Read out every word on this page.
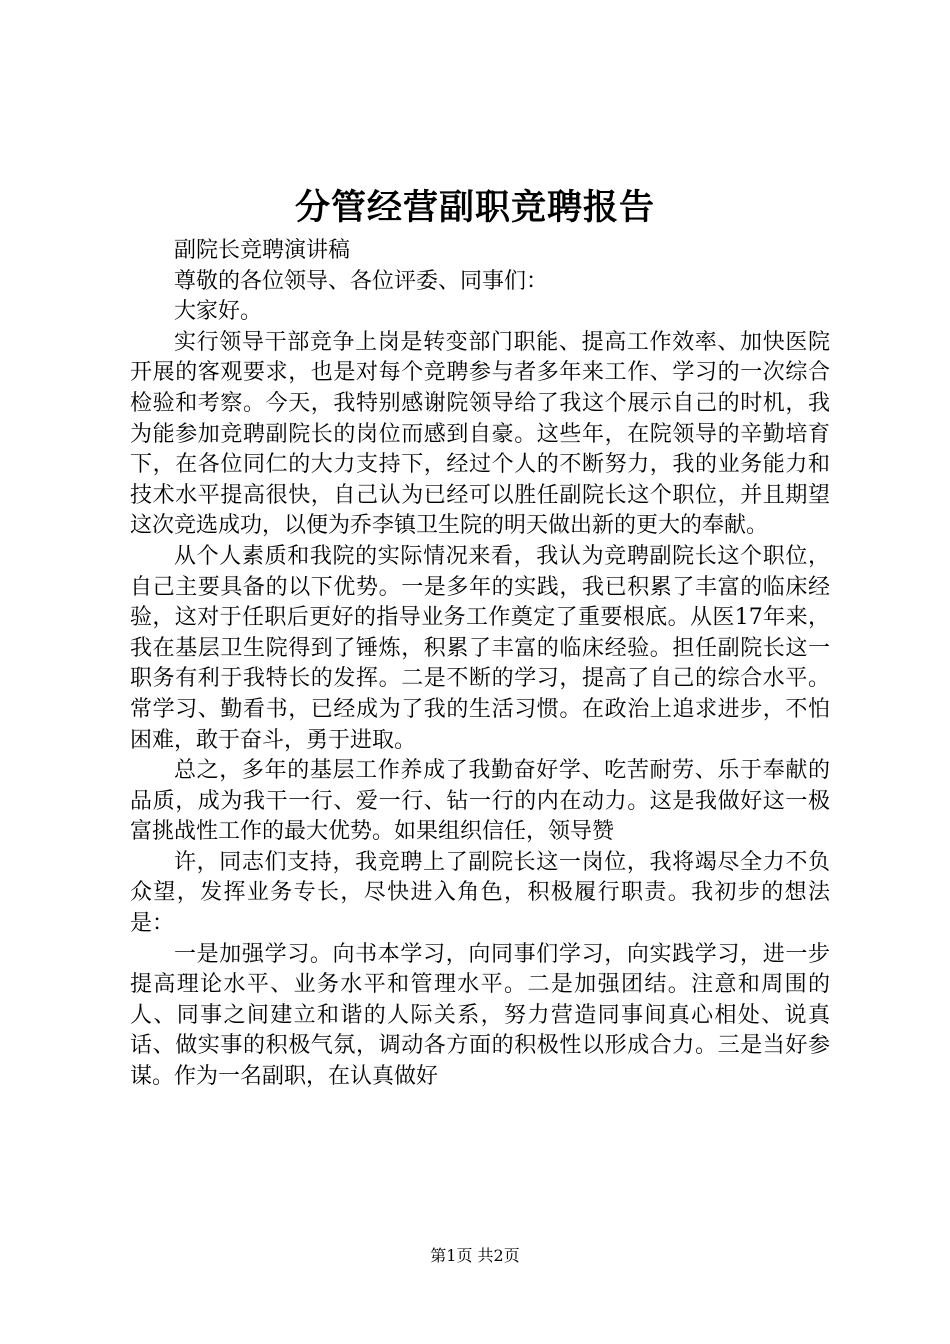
分管经营副职竞聘报告

副院长竞聘演讲稿

尊敬的各位领导、各位评委、同事们：

大家好。

实行领导干部竞争上岗是转变部门职能、提高工作效率、加快医院开展的客观要求，也是对每个竞聘参与者多年来工作、学习的一次综合检验和考察。今天，我特别感谢院领导给了我这个展示自己的时机，我为能参加竞聘副院长的岗位而感到自豪。这些年，在院领导的辛勤培育下，在各位同仁的大力支持下，经过个人的不断努力，我的业务能力和技术水平提高很快，自己认为已经可以胜任副院长这个职位，并且期望这次竞选成功，以便为乔李镇卫生院的明天做出新的更大的奉献。

从个人素质和我院的实际情况来看，我认为竞聘副院长这个职位，自己主要具备的以下优势。一是多年的实践，我已积累了丰富的临床经验，这对于任职后更好的指导业务工作奠定了重要根底。从医17年来，我在基层卫生院得到了锤炼，积累了丰富的临床经验。担任副院长这一职务有利于我特长的发挥。二是不断的学习，提高了自己的综合水平。常学习、勤看书，已经成为了我的生活习惯。在政治上追求进步，不怕困难，敢于奋斗，勇于进取。

总之，多年的基层工作养成了我勤奋好学、吃苦耐劳、乐于奉献的品质，成为我干一行、爱一行、钻一行的内在动力。这是我做好这一极富挑战性工作的最大优势。如果组织信任，领导赞

许，同志们支持，我竞聘上了副院长这一岗位，我将竭尽全力不负众望，发挥业务专长，尽快进入角色，积极履行职责。我初步的想法是：

一是加强学习。向书本学习，向同事们学习，向实践学习，进一步提高理论水平、业务水平和管理水平。二是加强团结。注意和周围的人、同事之间建立和谐的人际关系，努力营造同事间真心相处、说真话、做实事的积极气氛，调动各方面的积极性以形成合力。三是当好参谋。作为一名副职，在认真做好

第1页 共2页
